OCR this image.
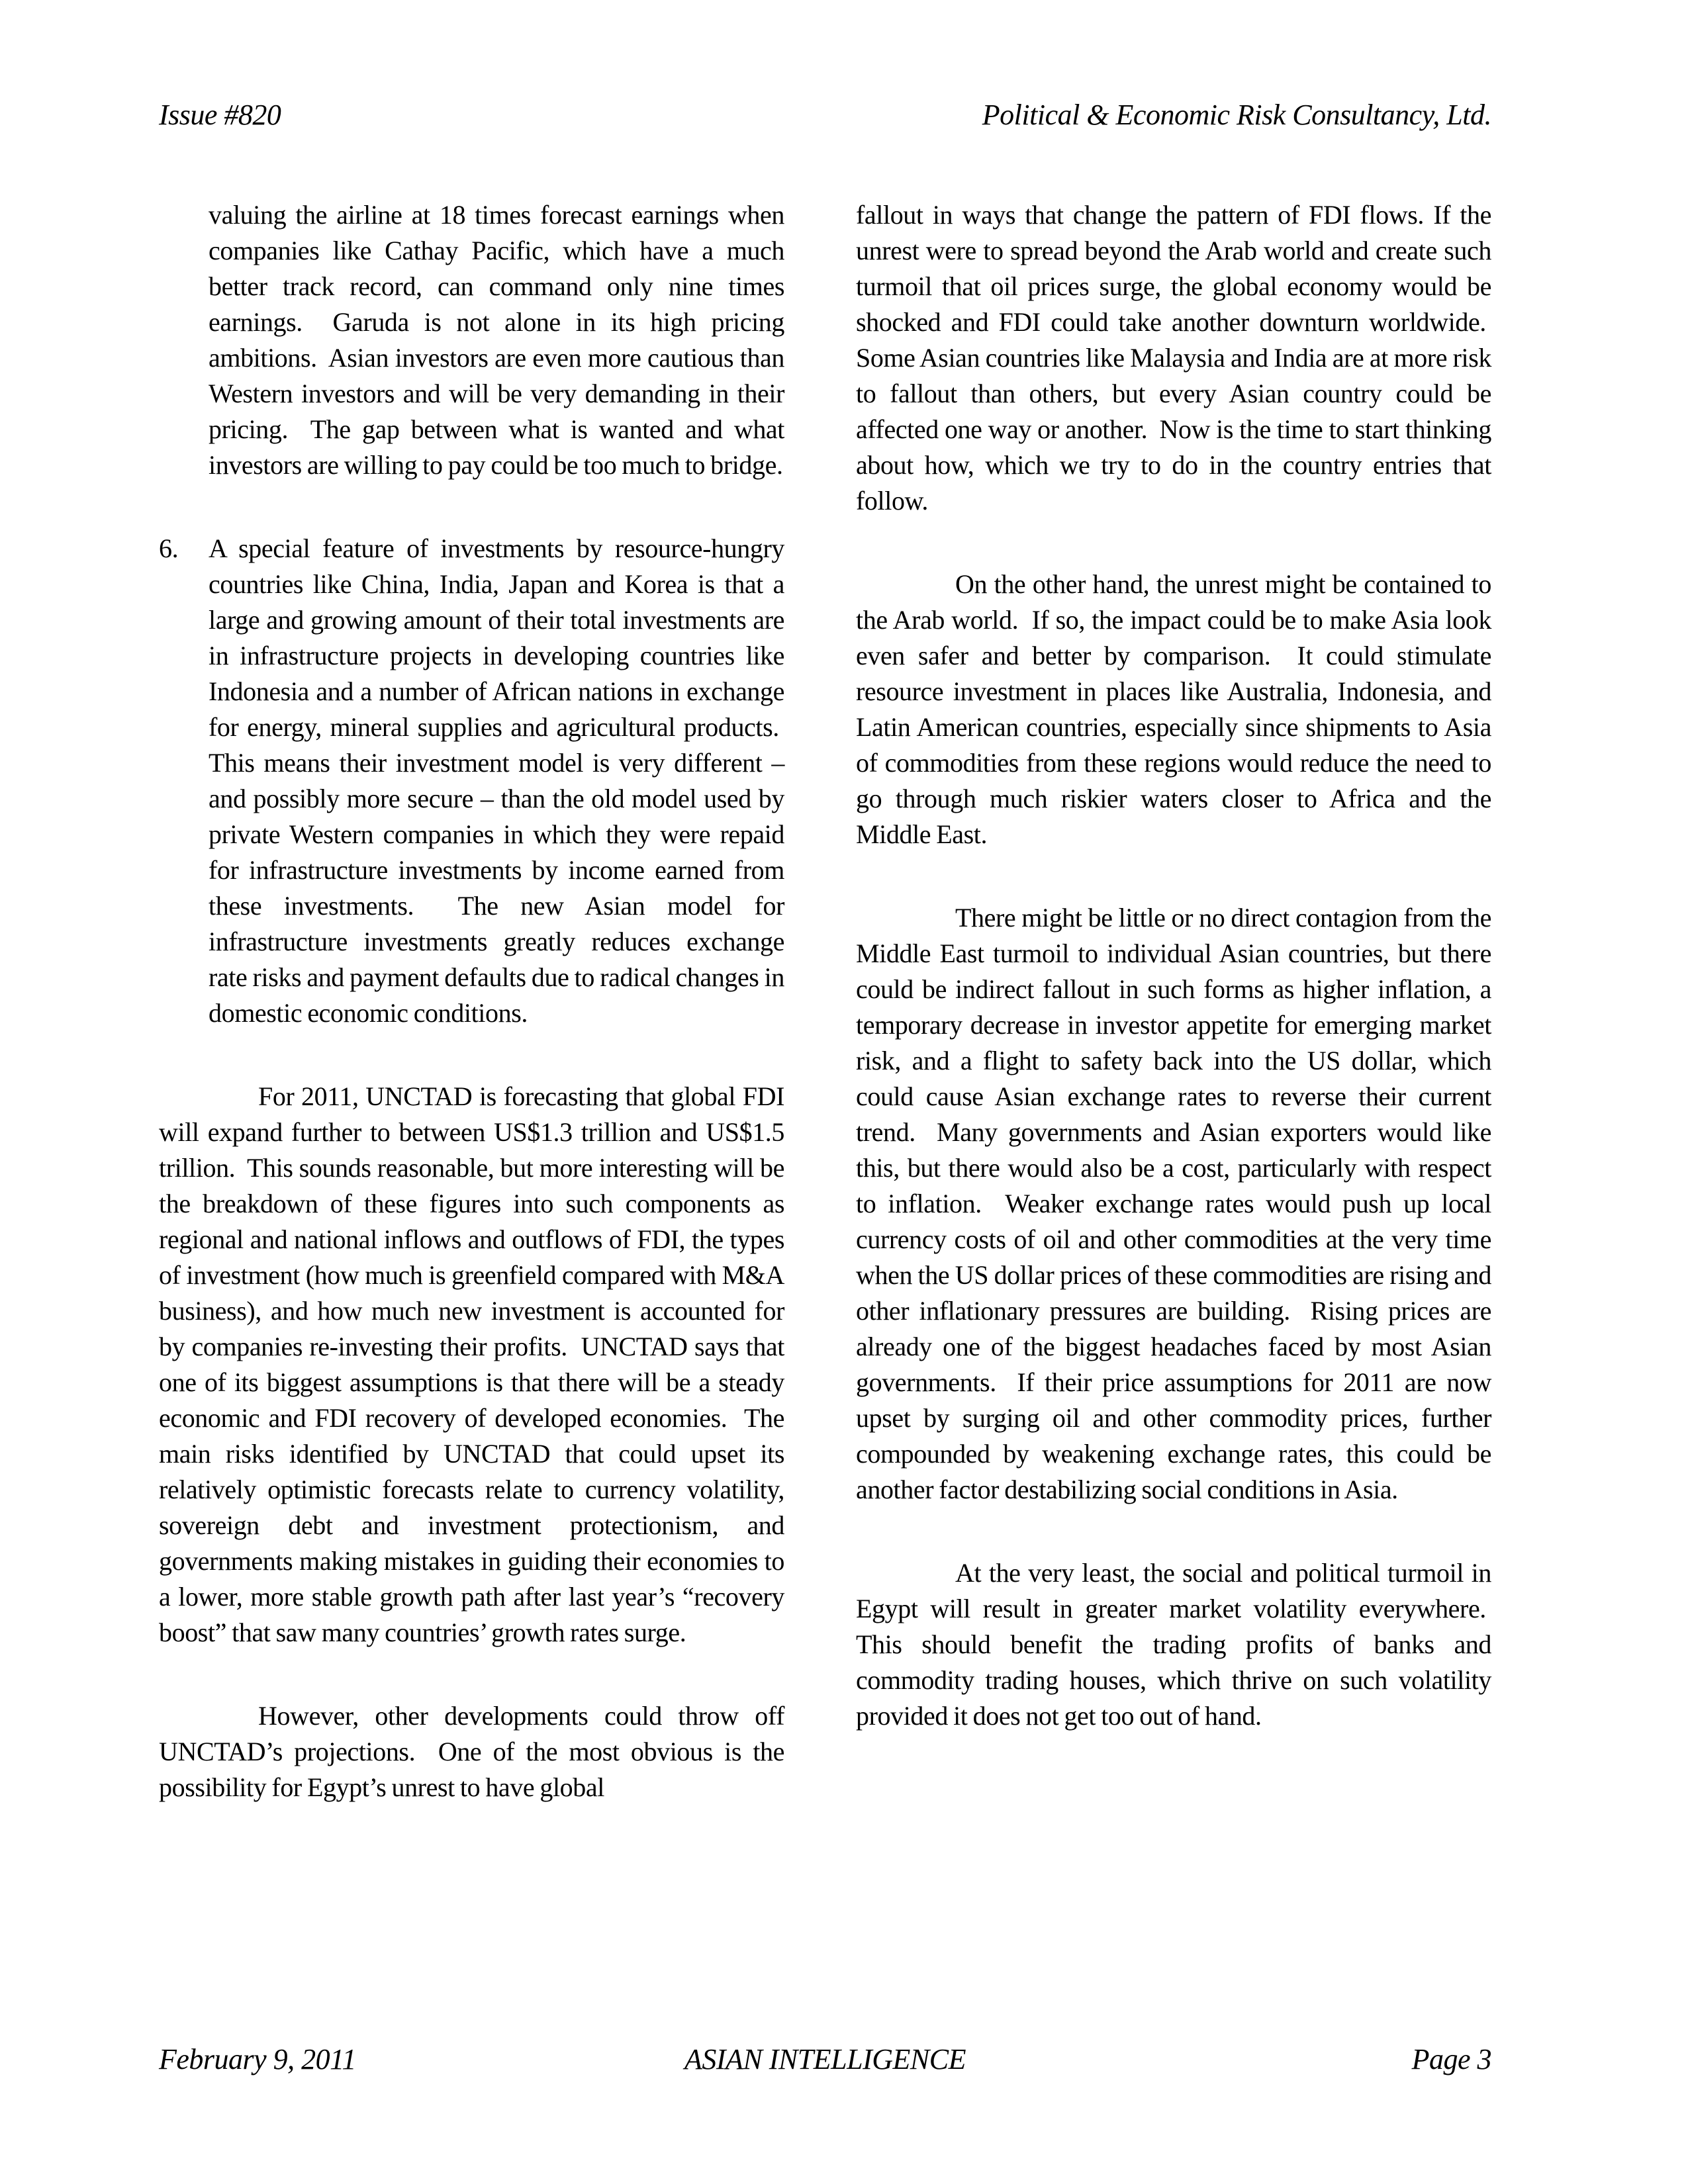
Issue #820	Political & Economic Risk Consultancy, Ltd.

valuing the airline at 18 times forecast earnings when companies like Cathay Pacific, which have a much better track record, can command only nine times earnings.  Garuda is not alone in its high pricing ambitions.  Asian investors are even more cautious than Western investors and will be very demanding in their pricing.  The gap between what is wanted and what investors are willing to pay could be too much to bridge.

6.	A special feature of investments by resource-hungry countries like China, India, Japan and Korea is that a large and growing amount of their total investments are in infrastructure projects in developing countries like Indonesia and a number of African nations in exchange for energy, mineral supplies and agricultural products.  This means their investment model is very different – and possibly more secure – than the old model used by private Western companies in which they were repaid for infrastructure investments by income earned from these investments.  The new Asian model for infrastructure investments greatly reduces exchange rate risks and payment defaults due to radical changes in domestic economic conditions.

For 2011, UNCTAD is forecasting that global FDI will expand further to between US$1.3 trillion and US$1.5 trillion.  This sounds reasonable, but more interesting will be the breakdown of these figures into such components as regional and national inflows and outflows of FDI, the types of investment (how much is greenfield compared with M&A business), and how much new investment is accounted for by companies re-investing their profits.  UNCTAD says that one of its biggest assumptions is that there will be a steady economic and FDI recovery of developed economies.  The main risks identified by UNCTAD that could upset its relatively optimistic forecasts relate to currency volatility, sovereign debt and investment protectionism, and governments making mistakes in guiding their economies to a lower, more stable growth path after last year’s “recovery boost” that saw many countries’ growth rates surge.

However, other developments could throw off UNCTAD’s projections.  One of the most obvious is the possibility for Egypt’s unrest to have global

fallout in ways that change the pattern of FDI flows. If the unrest were to spread beyond the Arab world and create such turmoil that oil prices surge, the global economy would be shocked and FDI could take another downturn worldwide.  Some Asian countries like Malaysia and India are at more risk to fallout than others, but every Asian country could be affected one way or another.  Now is the time to start thinking about how, which we try to do in the country entries that follow.

On the other hand, the unrest might be contained to the Arab world.  If so, the impact could be to make Asia look even safer and better by comparison.  It could stimulate resource investment in places like Australia, Indonesia, and Latin American countries, especially since shipments to Asia of commodities from these regions would reduce the need to go through much riskier waters closer to Africa and the Middle East.

There might be little or no direct contagion from the Middle East turmoil to individual Asian countries, but there could be indirect fallout in such forms as higher inflation, a temporary decrease in investor appetite for emerging market risk, and a flight to safety back into the US dollar, which could cause Asian exchange rates to reverse their current trend.  Many governments and Asian exporters would like this, but there would also be a cost, particularly with respect to inflation.  Weaker exchange rates would push up local currency costs of oil and other commodities at the very time when the US dollar prices of these commodities are rising and other inflationary pressures are building.  Rising prices are already one of the biggest headaches faced by most Asian governments.  If their price assumptions for 2011 are now upset by surging oil and other commodity prices, further compounded by weakening exchange rates, this could be another factor destabilizing social conditions in Asia.

At the very least, the social and political turmoil in Egypt will result in greater market volatility everywhere.  This should benefit the trading profits of banks and commodity trading houses, which thrive on such volatility provided it does not get too out of hand.

February 9, 2011	ASIAN INTELLIGENCE	Page 3
